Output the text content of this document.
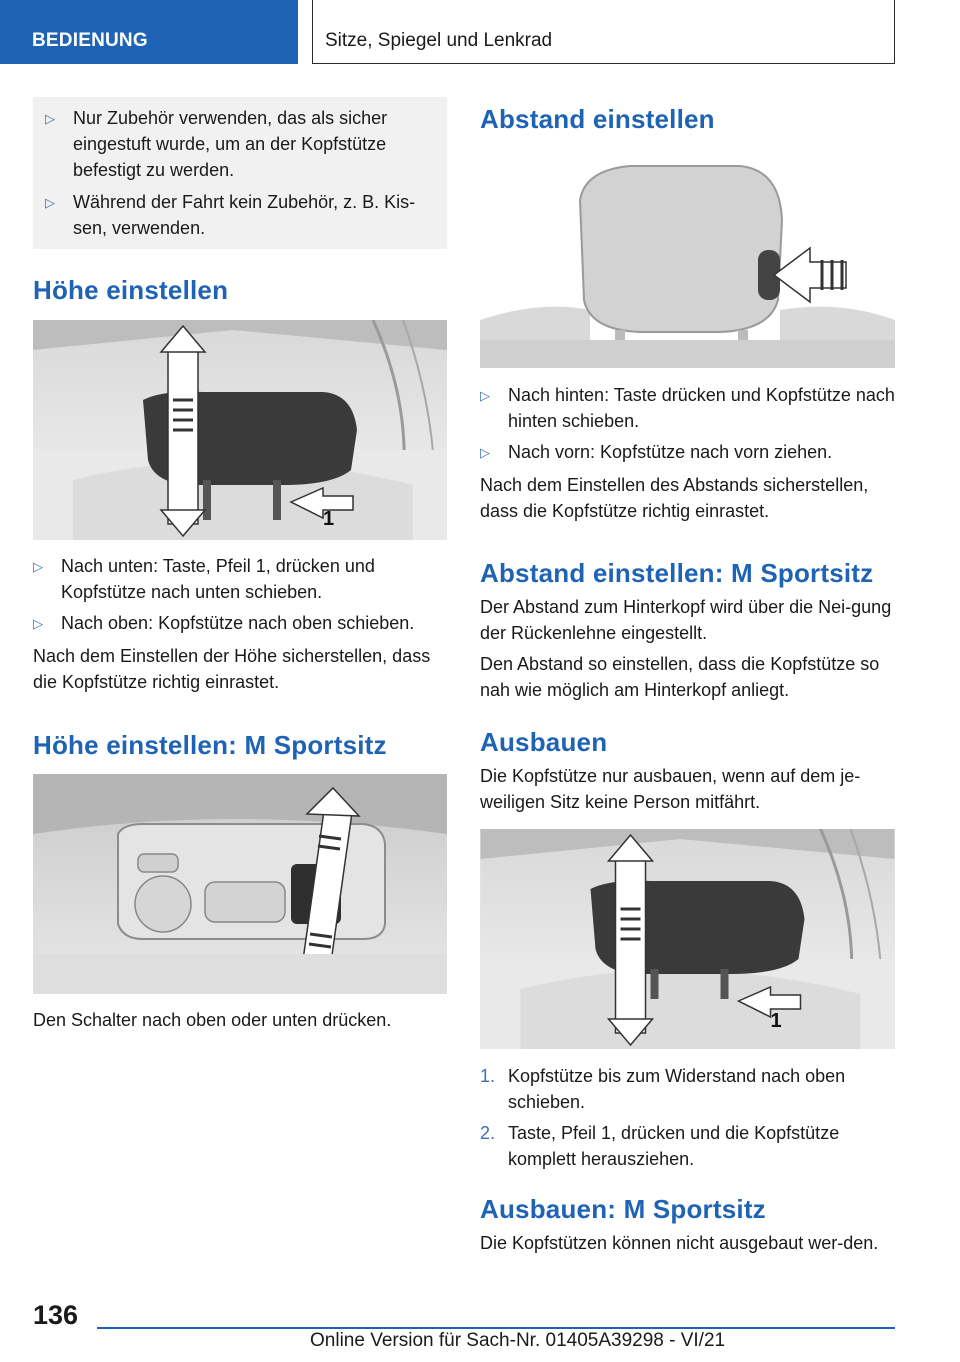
BEDIENUNG	Sitze, Spiegel und Lenkrad
▷	Nur Zubehör verwenden, das als sicher eingestuft wurde, um an der Kopfstütze befestigt zu werden.
▷	Während der Fahrt kein Zubehör, z. B. Kis-sen, verwenden.
Höhe einstellen
1
▷	Nach unten: Taste, Pfeil 1, drücken und Kopfstütze nach unten schieben.
▷	Nach oben: Kopfstütze nach oben schieben.

Nach dem Einstellen der Höhe sicherstellen, dass die Kopfstütze richtig einrastet.

Höhe einstellen: M Sportsitz

Den Schalter nach oben oder unten drücken.

Abstand einstellen
▷	Nach hinten: Taste drücken und Kopfstütze nach hinten schieben.
▷	Nach vorn: Kopfstütze nach vorn ziehen.

Nach dem Einstellen des Abstands sicherstellen, dass die Kopfstütze richtig einrastet.

Abstand einstellen: M Sportsitz

Der Abstand zum Hinterkopf wird über die Nei-gung der Rückenlehne eingestellt.

Den Abstand so einstellen, dass die Kopfstütze so nah wie möglich am Hinterkopf anliegt.

Ausbauen

Die Kopfstütze nur ausbauen, wenn auf dem je-weiligen Sitz keine Person mitfährt.

1
1. Kopfstütze bis zum Widerstand nach oben schieben.
2. Taste, Pfeil 1, drücken und die Kopfstütze komplett herausziehen.
Ausbauen: M Sportsitz

Die Kopfstützen können nicht ausgebaut wer-den.

136
Online Version für Sach-Nr. 01405A39298 - VI/21
